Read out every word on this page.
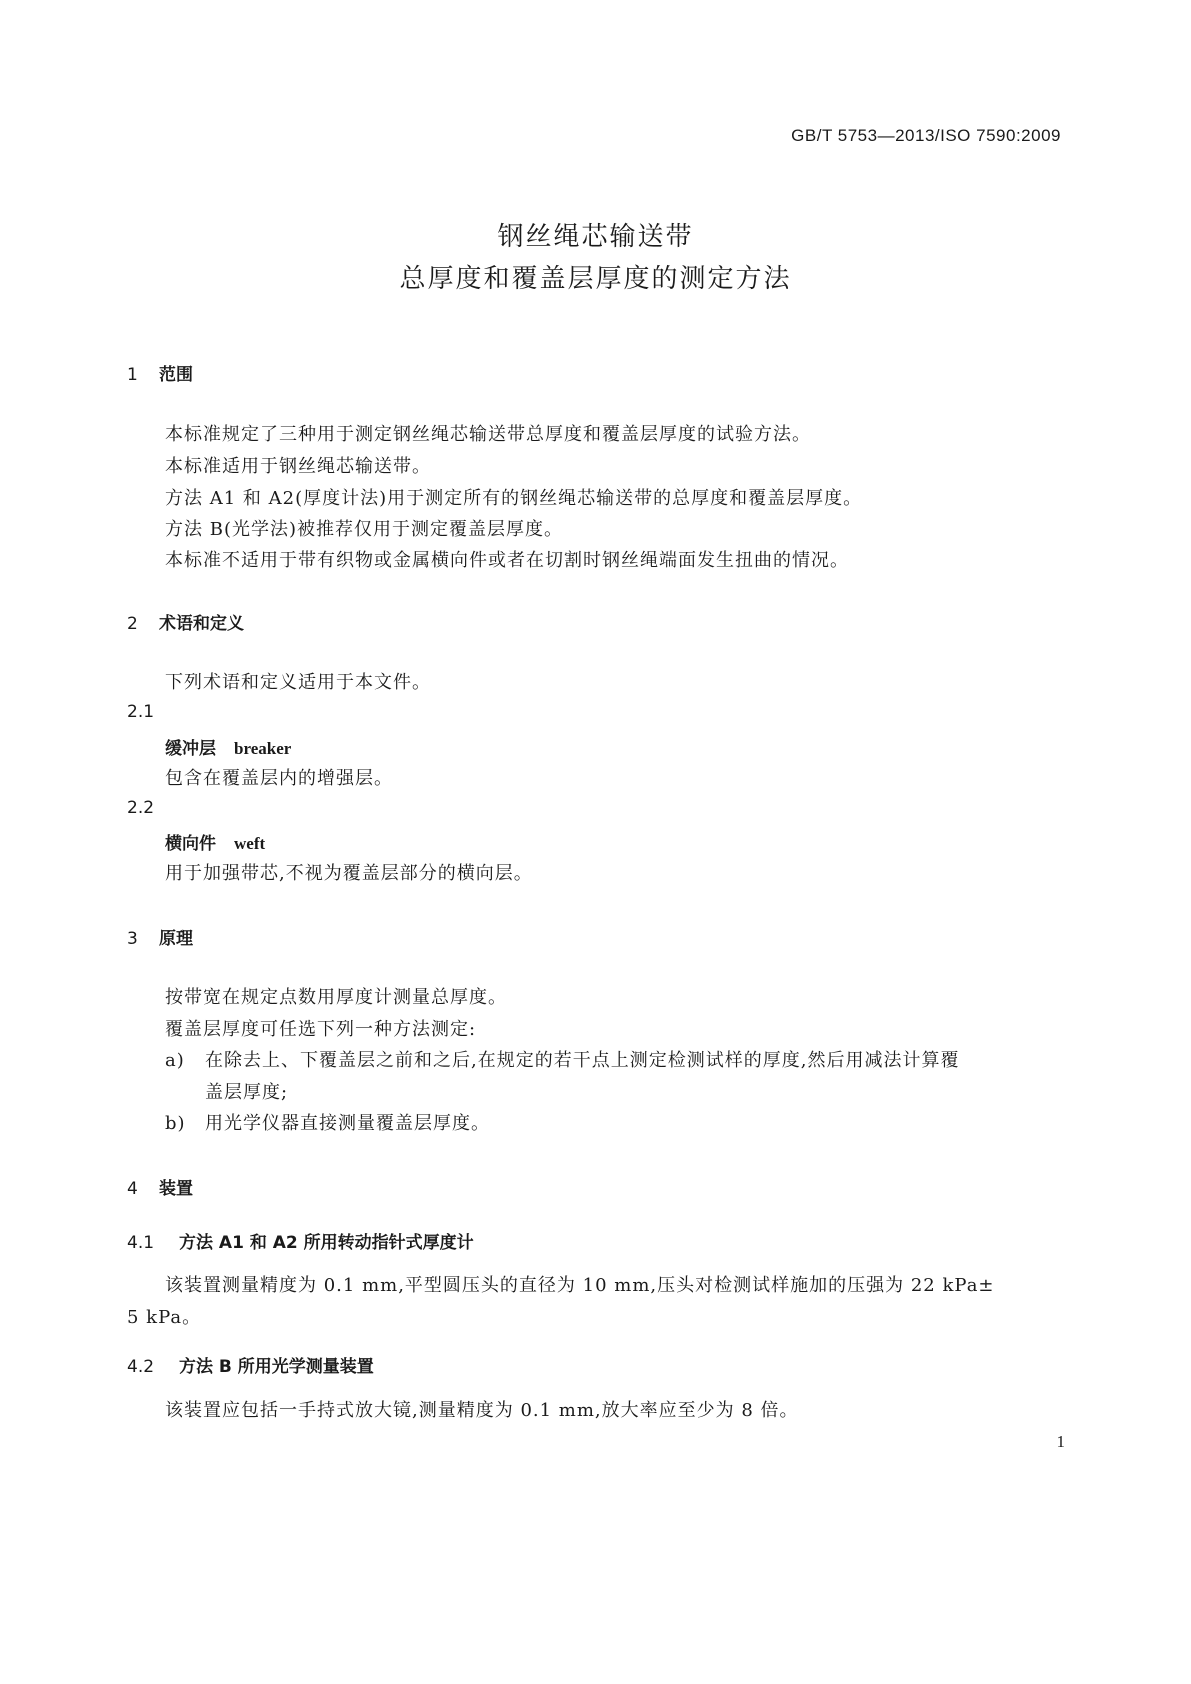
GB/T 5753—2013/ISO 7590:2009
钢丝绳芯输送带
总厚度和覆盖层厚度的测定方法
1 范围
本标准规定了三种用于测定钢丝绳芯输送带总厚度和覆盖层厚度的试验方法。
本标准适用于钢丝绳芯输送带。
方法 A1 和 A2(厚度计法)用于测定所有的钢丝绳芯输送带的总厚度和覆盖层厚度。
方法 B(光学法)被推荐仅用于测定覆盖层厚度。
本标准不适用于带有织物或金属横向件或者在切割时钢丝绳端面发生扭曲的情况。
2 术语和定义
下列术语和定义适用于本文件。
2.1
缓冲层 breaker
包含在覆盖层内的增强层。
2.2
横向件 weft
用于加强带芯,不视为覆盖层部分的横向层。
3 原理
按带宽在规定点数用厚度计测量总厚度。
覆盖层厚度可任选下列一种方法测定:
a) 在除去上、下覆盖层之前和之后,在规定的若干点上测定检测试样的厚度,然后用减法计算覆
盖层厚度;
b) 用光学仪器直接测量覆盖层厚度。
4 装置
4.1 方法 A1 和 A2 所用转动指针式厚度计
该装置测量精度为 0.1 mm,平型圆压头的直径为 10 mm,压头对检测试样施加的压强为 22 kPa±
5 kPa。
4.2 方法 B 所用光学测量装置
该装置应包括一手持式放大镜,测量精度为 0.1 mm,放大率应至少为 8 倍。
1
